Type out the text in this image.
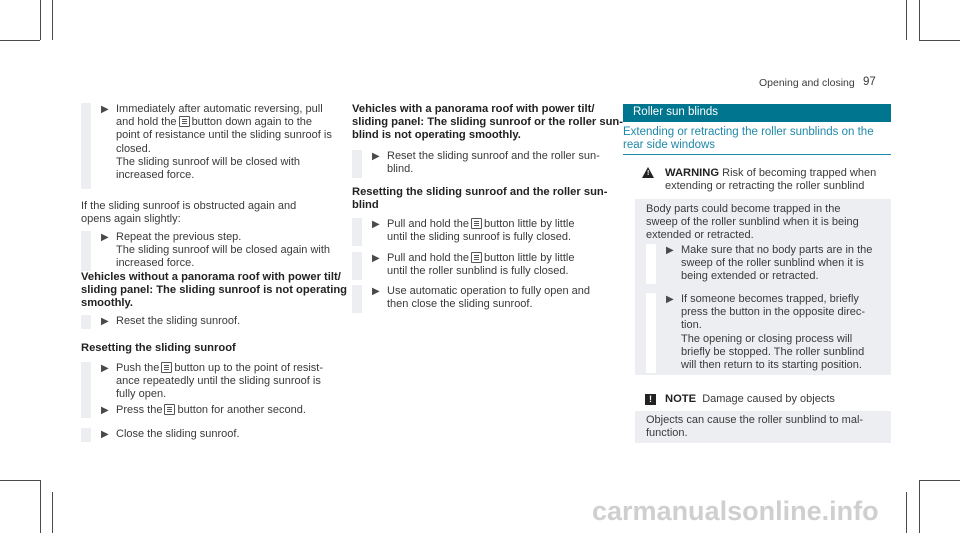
Opening and closing 97
▶ Immediately after automatic reversing, pull
and hold the button down again to the
point of resistance until the sliding sunroof is
closed.
The sliding sunroof will be closed with
increased force.
If the sliding sunroof is obstructed again and
opens again slightly:
▶ Repeat the previous step.
The sliding sunroof will be closed again with
increased force.
Vehicles without a panorama roof with power tilt/
sliding panel: The sliding sunroof is not operating
smoothly.
▶ Reset the sliding sunroof.
Resetting the sliding sunroof
▶ Push the button up to the point of resist-
ance repeatedly until the sliding sunroof is
fully open.
▶ Press the button for another second.
▶ Close the sliding sunroof.
Vehicles with a panorama roof with power tilt/
sliding panel: The sliding sunroof or the roller sun-
blind is not operating smoothly.
▶ Reset the sliding sunroof and the roller sun-
blind.
Resetting the sliding sunroof and the roller sun-
blind
▶ Pull and hold the button little by little
until the sliding sunroof is fully closed.
▶ Pull and hold the button little by little
until the roller sunblind is fully closed.
▶ Use automatic operation to fully open and
then close the sliding sunroof.
Roller sun blinds
Extending or retracting the roller sunblinds on the
rear side windows
! WARNING Risk of becoming trapped when
extending or retracting the roller sunblind
Body parts could become trapped in the
sweep of the roller sunblind when it is being
extended or retracted.
▶ Make sure that no body parts are in the
sweep of the roller sunblind when it is
being extended or retracted.
▶ If someone becomes trapped, briefly
press the button in the opposite direc-
tion.
The opening or closing process will
briefly be stopped. The roller sunblind
will then return to its starting position.
!	NOTE Damage caused by objects
Objects can cause the roller sunblind to mal-
function.
carmanualsonline.info
